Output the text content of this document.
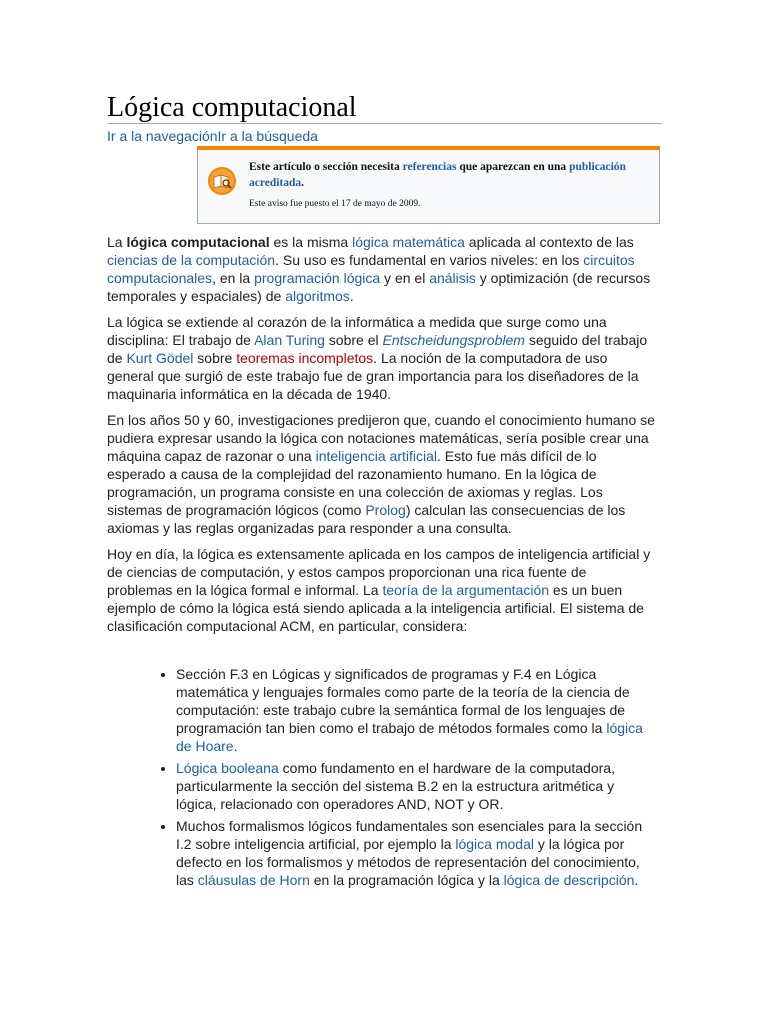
Lógica computacional
Ir a la navegaciónIr a la búsqueda
Este artículo o sección necesita referencias que aparezcan en una publicación acreditada.
Este aviso fue puesto el 17 de mayo de 2009.

La lógica computacional es la misma lógica matemática aplicada al contexto de las ciencias de la computación. Su uso es fundamental en varios niveles: en los circuitos computacionales, en la programación lógica y en el análisis y optimización (de recursos temporales y espaciales) de algoritmos.

La lógica se extiende al corazón de la informática a medida que surge como una disciplina: El trabajo de Alan Turing sobre el Entscheidungsproblem seguido del trabajo de Kurt Gödel sobre teoremas incompletos. La noción de la computadora de uso general que surgió de este trabajo fue de gran importancia para los diseñadores de la maquinaria informática en la década de 1940.

En los años 50 y 60, investigaciones predijeron que, cuando el conocimiento humano se pudiera expresar usando la lógica con notaciones matemáticas, sería posible crear una máquina capaz de razonar o una inteligencia artificial. Esto fue más difícil de lo esperado a causa de la complejidad del razonamiento humano. En la lógica de programación, un programa consiste en una colección de axiomas y reglas. Los sistemas de programación lógicos (como Prolog) calculan las consecuencias de los axiomas y las reglas organizadas para responder a una consulta.

Hoy en día, la lógica es extensamente aplicada en los campos de inteligencia artificial y de ciencias de computación, y estos campos proporcionan una rica fuente de problemas en la lógica formal e informal. La teoría de la argumentación es un buen ejemplo de cómo la lógica está siendo aplicada a la inteligencia artificial. El sistema de clasificación computacional ACM, en particular, considera:

• Sección F.3 en Lógicas y significados de programas y F.4 en Lógica matemática y lenguajes formales como parte de la teoría de la ciencia de computación: este trabajo cubre la semántica formal de los lenguajes de programación tan bien como el trabajo de métodos formales como la lógica de Hoare.
• Lógica booleana como fundamento en el hardware de la computadora, particularmente la sección del sistema B.2 en la estructura aritmética y lógica, relacionado con operadores AND, NOT y OR.
• Muchos formalismos lógicos fundamentales son esenciales para la sección I.2 sobre inteligencia artificial, por ejemplo la lógica modal y la lógica por defecto en los formalismos y métodos de representación del conocimiento, las cláusulas de Horn en la programación lógica y la lógica de descripción.
